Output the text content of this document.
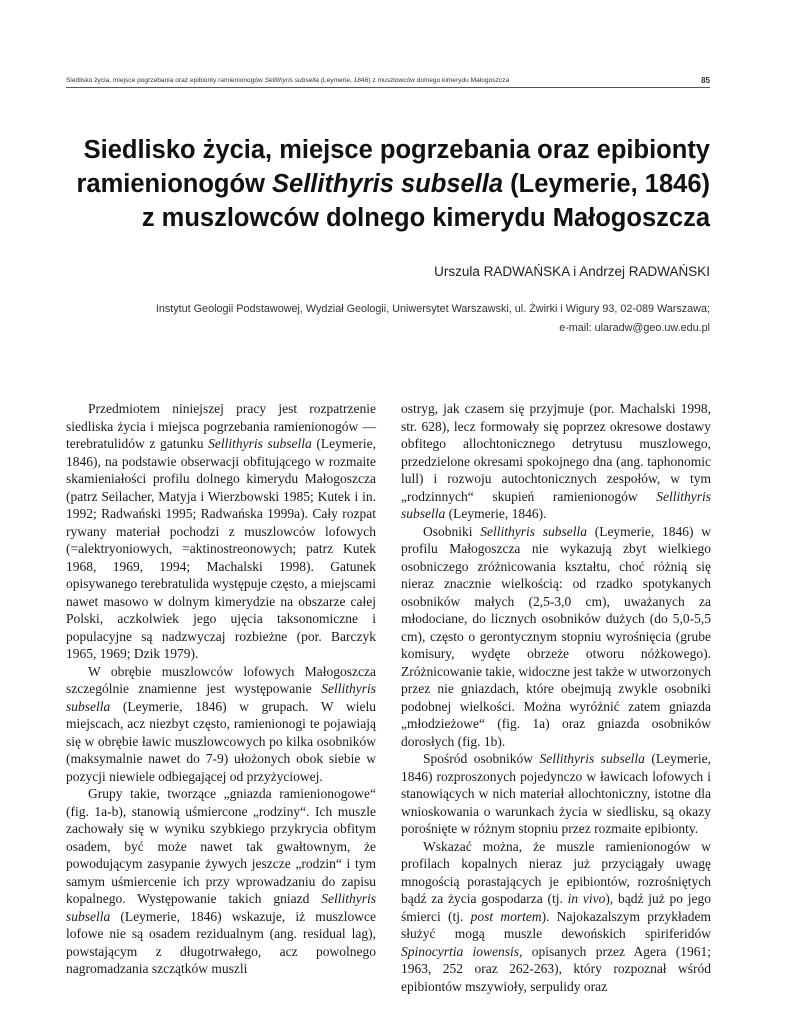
Siedlisko życia, miejsce pogrzebania oraz epibionty ramienionogów Sellithyris subsella (Leymerie, 1846) z muszlowców dolnego kimerydu Małogoszcza	85
Siedlisko życia, miejsce pogrzebania oraz epibionty
ramienionogów Sellithyris subsella (Leymerie, 1846)
z muszlowców dolnego kimerydu Małogoszcza

Urszula RADWAŃSKA i Andrzej RADWAŃSKI

Instytut Geologii Podstawowej, Wydział Geologii, Uniwersytet Warszawski, ul. Żwirki i Wigury 93, 02-089 Warszawa;
e-mail: ularadw@geo.uw.edu.pl

Przedmiotem niniejszej pracy jest rozpatrzenie siedliska życia i miejsca pogrzebania ramienionogów — terebratulidów z gatunku Sellithyris subsella (Leymerie, 1846), na podstawie obserwacji obfitującego w rozmaite skamieniałości profilu dolnego kimerydu Małogoszcza (patrz Seilacher, Matyja i Wierzbowski 1985; Kutek i in. 1992; Radwański 1995; Radwańska 1999a). Cały rozpat rywany materiał pochodzi z muszlowców lofowych (=alektryoniowych, =aktinostreonowych; patrz Kutek 1968, 1969, 1994; Machalski 1998). Gatunek opisywanego terebratulida występuje często, a miejscami nawet masowo w dolnym kimerydzie na obszarze całej Polski, aczkolwiek jego ujęcia taksonomiczne i populacyjne są nadzwyczaj rozbieżne (por. Barczyk 1965, 1969; Dzik 1979).

W obrębie muszlowców lofowych Małogoszcza szczególnie znamienne jest występowanie Sellithyris subsella (Leymerie, 1846) w grupach. W wielu miejscach, acz niezbyt często, ramienionogi te pojawiają się w obrębie ławic muszlowcowych po kilka osobników (maksymalnie nawet do 7-9) ułożonych obok siebie w pozycji niewiele odbiegającej od przyżyciowej.

Grupy takie, tworzące „gniazda ramienionogowe“ (fig. 1a-b), stanowią uśmiercone „rodziny“. Ich muszle zachowały się w wyniku szybkiego przykrycia obfitym osadem, być może nawet tak gwałtownym, że powodującym zasypanie żywych jeszcze „rodzin“ i tym samym uśmiercenie ich przy wprowadzaniu do zapisu kopalnego. Występowanie takich gniazd Sellithyris subsella (Leymerie, 1846) wskazuje, iż muszlowce lofowe nie są osadem rezidualnym (ang. residual lag), powstającym z długotrwałego, acz powolnego nagromadzania szczątków muszli

ostryg, jak czasem się przyjmuje (por. Machalski 1998, str. 628), lecz formowały się poprzez okresowe dostawy obfitego allochtonicznego detrytusu muszlowego, przedzielone okresami spokojnego dna (ang. taphonomic lull) i rozwoju autochtonicznych zespołów, w tym „rodzinnych“ skupień ramienionogów Sellithyris subsella (Leymerie, 1846).

Osobniki Sellithyris subsella (Leymerie, 1846) w profilu Małogoszcza nie wykazują zbyt wielkiego osobniczego zróżnicowania kształtu, choć różnią się nieraz znacznie wielkością: od rzadko spotykanych osobników małych (2,5-3,0 cm), uważanych za młodociane, do licznych osobników dużych (do 5,0-5,5 cm), często o gerontycznym stopniu wyrośnięcia (grube komisury, wydęte obrzeże otworu nóżkowego). Zróżnicowanie takie, widoczne jest także w utworzonych przez nie gniazdach, które obejmują zwykle osobniki podobnej wielkości. Można wyróżnić zatem gniazda „młodzieżowe“ (fig. 1a) oraz gniazda osobników dorosłych (fig. 1b).

Spośród osobników Sellithyris subsella (Leymerie, 1846) rozproszonych pojedynczo w ławicach lofowych i stanowiących w nich materiał allochtoniczny, istotne dla wnioskowania o warunkach życia w siedlisku, są okazy porośnięte w różnym stopniu przez rozmaite epibionty.

Wskazać można, że muszle ramienionogów w profilach kopalnych nieraz już przyciągały uwagę mnogością porastających je epibiontów, rozrośniętych bądź za życia gospodarza (tj. in vivo), bądź już po jego śmierci (tj. post mortem). Najokazalszym przykładem służyć mogą muszle dewońskich spiriferidów Spinocyrtia iowensis, opisanych przez Agera (1961; 1963, 252 oraz 262-263), który rozpoznał wśród epibiontów mszywioły, serpulidy oraz
